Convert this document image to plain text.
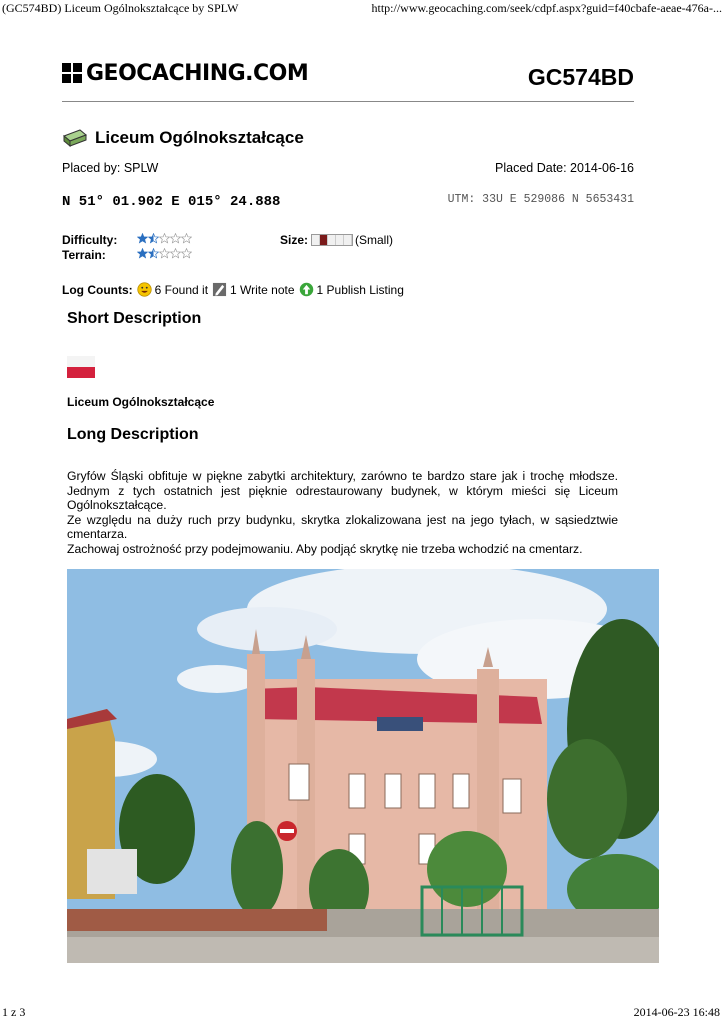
(GC574BD) Liceum Ogólnokształcące by SPLW	http://www.geocaching.com/seek/cdpf.aspx?guid=f40cbafe-aeae-476a-...
GEOCACHING.COM	GC574BD
Liceum Ogólnokształcące
Placed by: SPLW	Placed Date: 2014-06-16
N 51° 01.902 E 015° 24.888	UTM: 33U E 529086 N 5653431
Difficulty:
Terrain:
Size:	(Small)
Log Counts: 6 Found it 1 Write note 1 Publish Listing
Short Description
Liceum Ogólnokształcące
Long Description

Gryfów Śląski obfituje w piękne zabytki architektury, zarówno te bardzo stare jak i trochę młodsze. Jednym z tych ostatnich jest pięknie odrestaurowany budynek, w którym mieści się Liceum Ogólnokształcące.

Ze względu na duży ruch przy budynku, skrytka zlokalizowana jest na jego tyłach, w sąsiedztwie cmentarza.

Zachowaj ostrożność przy podejmowaniu. Aby podjąć skrytkę nie trzeba wchodzić na cmentarz.

1 z 3	2014-06-23 16:48
